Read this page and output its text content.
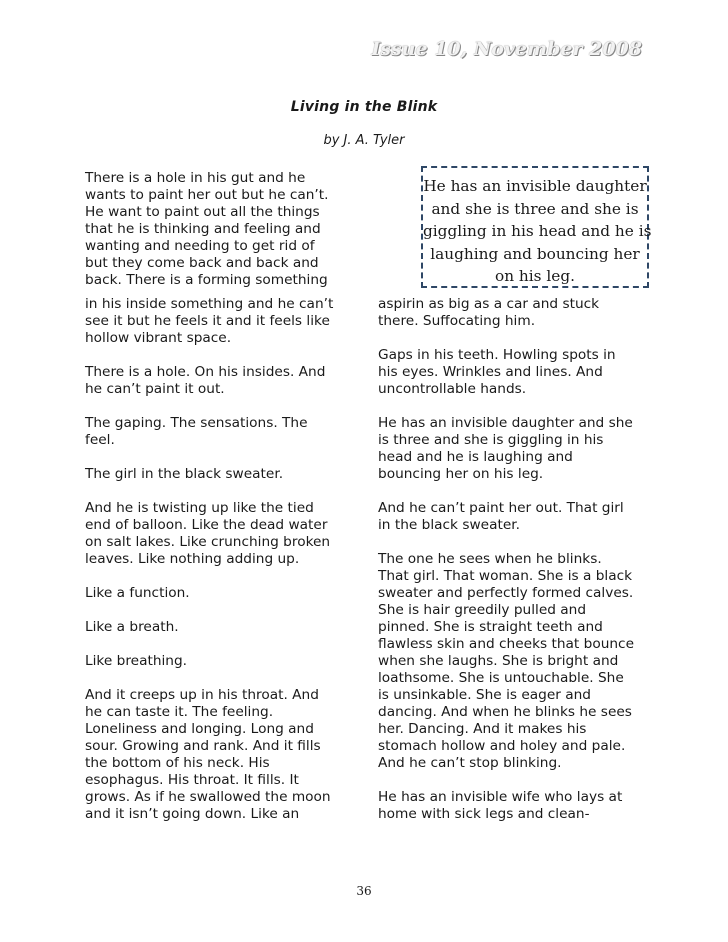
Issue 10, November 2008
Living in the Blink
by J. A. Tyler
There is a hole in his gut and he
wants to paint her out but he can’t.
He want to paint out all the things
that he is thinking and feeling and
wanting and needing to get rid of
but they come back and back and
back. There is a forming something
He has an invisible daughter
and she is three and she is
giggling in his head and he is
laughing and bouncing her
on his leg.

in his inside something and he can’t
see it but he feels it and it feels like
hollow vibrant space.

There is a hole. On his insides. And
he can’t paint it out.

The gaping. The sensations. The
feel.

The girl in the black sweater.

And he is twisting up like the tied
end of balloon. Like the dead water
on salt lakes. Like crunching broken
leaves. Like nothing adding up.

Like a function.

Like a breath.

Like breathing.

And it creeps up in his throat. And
he can taste it. The feeling.
Loneliness and longing. Long and
sour. Growing and rank. And it fills
the bottom of his neck. His
esophagus. His throat. It fills. It
grows. As if he swallowed the moon
and it isn’t going down. Like an

aspirin as big as a car and stuck
there. Suffocating him.

Gaps in his teeth. Howling spots in
his eyes. Wrinkles and lines. And
uncontrollable hands.

He has an invisible daughter and she
is three and she is giggling in his
head and he is laughing and
bouncing her on his leg.

And he can’t paint her out. That girl
in the black sweater.

The one he sees when he blinks.
That girl. That woman. She is a black
sweater and perfectly formed calves.
She is hair greedily pulled and
pinned. She is straight teeth and
flawless skin and cheeks that bounce
when she laughs. She is bright and
loathsome. She is untouchable. She
is unsinkable. She is eager and
dancing. And when he blinks he sees
her. Dancing. And it makes his
stomach hollow and holey and pale.
And he can’t stop blinking.

He has an invisible wife who lays at
home with sick legs and clean-

36
